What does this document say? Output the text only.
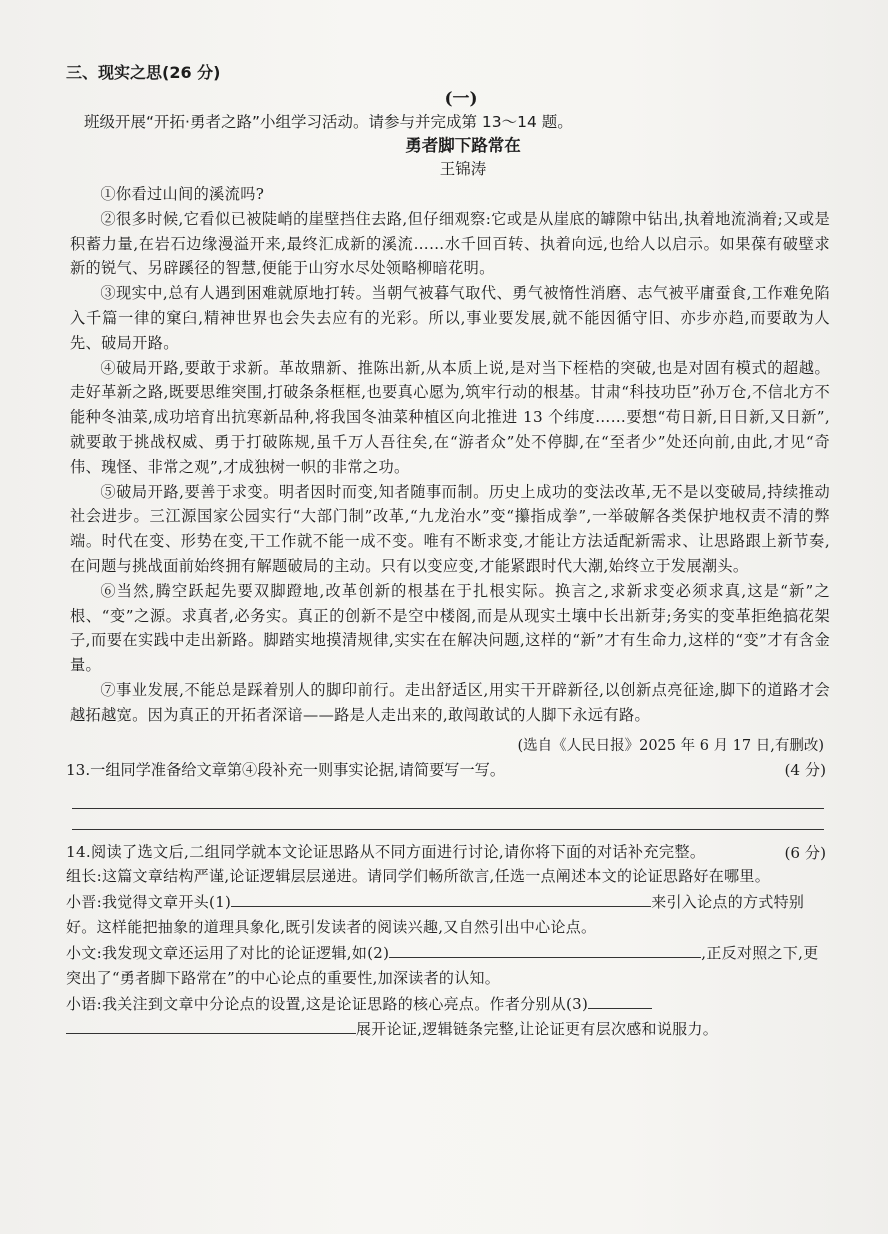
三、现实之思(26 分)
(一)

班级开展“开拓·勇者之路”小组学习活动。请参与并完成第 13～14 题。

勇者脚下路常在
王锦涛

①你看过山间的溪流吗?

②很多时候,它看似已被陡峭的崖壁挡住去路,但仔细观察:它或是从崖底的罅隙中钻出,执着地流淌着;又或是积蓄力量,在岩石边缘漫溢开来,最终汇成新的溪流……水千回百转、执着向远,也给人以启示。如果葆有破壁求新的锐气、另辟蹊径的智慧,便能于山穷水尽处领略柳暗花明。

③现实中,总有人遇到困难就原地打转。当朝气被暮气取代、勇气被惰性消磨、志气被平庸蚕食,工作难免陷入千篇一律的窠臼,精神世界也会失去应有的光彩。所以,事业要发展,就不能因循守旧、亦步亦趋,而要敢为人先、破局开路。

④破局开路,要敢于求新。革故鼎新、推陈出新,从本质上说,是对当下桎梏的突破,也是对固有模式的超越。走好革新之路,既要思维突围,打破条条框框,也要真心愿为,筑牢行动的根基。甘肃“科技功臣”孙万仓,不信北方不能种冬油菜,成功培育出抗寒新品种,将我国冬油菜种植区向北推进 13 个纬度……要想“苟日新,日日新,又日新”,就要敢于挑战权威、勇于打破陈规,虽千万人吾往矣,在“游者众”处不停脚,在“至者少”处还向前,由此,才见“奇伟、瑰怪、非常之观”,才成独树一帜的非常之功。

⑤破局开路,要善于求变。明者因时而变,知者随事而制。历史上成功的变法改革,无不是以变破局,持续推动社会进步。三江源国家公园实行“大部门制”改革,“九龙治水”变“攥指成拳”,一举破解各类保护地权责不清的弊端。时代在变、形势在变,干工作就不能一成不变。唯有不断求变,才能让方法适配新需求、让思路跟上新节奏,在问题与挑战面前始终拥有解题破局的主动。只有以变应变,才能紧跟时代大潮,始终立于发展潮头。

⑥当然,腾空跃起先要双脚蹬地,改革创新的根基在于扎根实际。换言之,求新求变必须求真,这是“新”之根、“变”之源。求真者,必务实。真正的创新不是空中楼阁,而是从现实土壤中长出新芽;务实的变革拒绝搞花架子,而要在实践中走出新路。脚踏实地摸清规律,实实在在解决问题,这样的“新”才有生命力,这样的“变”才有含金量。

⑦事业发展,不能总是踩着别人的脚印前行。走出舒适区,用实干开辟新径,以创新点亮征途,脚下的道路才会越拓越宽。因为真正的开拓者深谙——路是人走出来的,敢闯敢试的人脚下永远有路。

(选自《人民日报》2025 年 6 月 17 日,有删改)
13.一组同学准备给文章第④段补充一则事实论据,请简要写一写。	(4 分)
14.阅读了选文后,二组同学就本文论证思路从不同方面进行讨论,请你将下面的对话补充完整。	(6 分)

组长:这篇文章结构严谨,论证逻辑层层递进。请同学们畅所欲言,任选一点阐述本文的论证思路好在哪里。

小晋:我觉得文章开头(1)	来引入论点的方式特别好。这样能把抽象的道理具象化,既引发读者的阅读兴趣,又自然引出中心论点。

小文:我发现文章还运用了对比的论证逻辑,如(2)	,正反对照之下,更突出了“勇者脚下路常在”的中心论点的重要性,加深读者的认知。

小语:我关注到文章中分论点的设置,这是论证思路的核心亮点。作者分别从(3)展开论证,逻辑链条完整,让论证更有层次感和说服力。
